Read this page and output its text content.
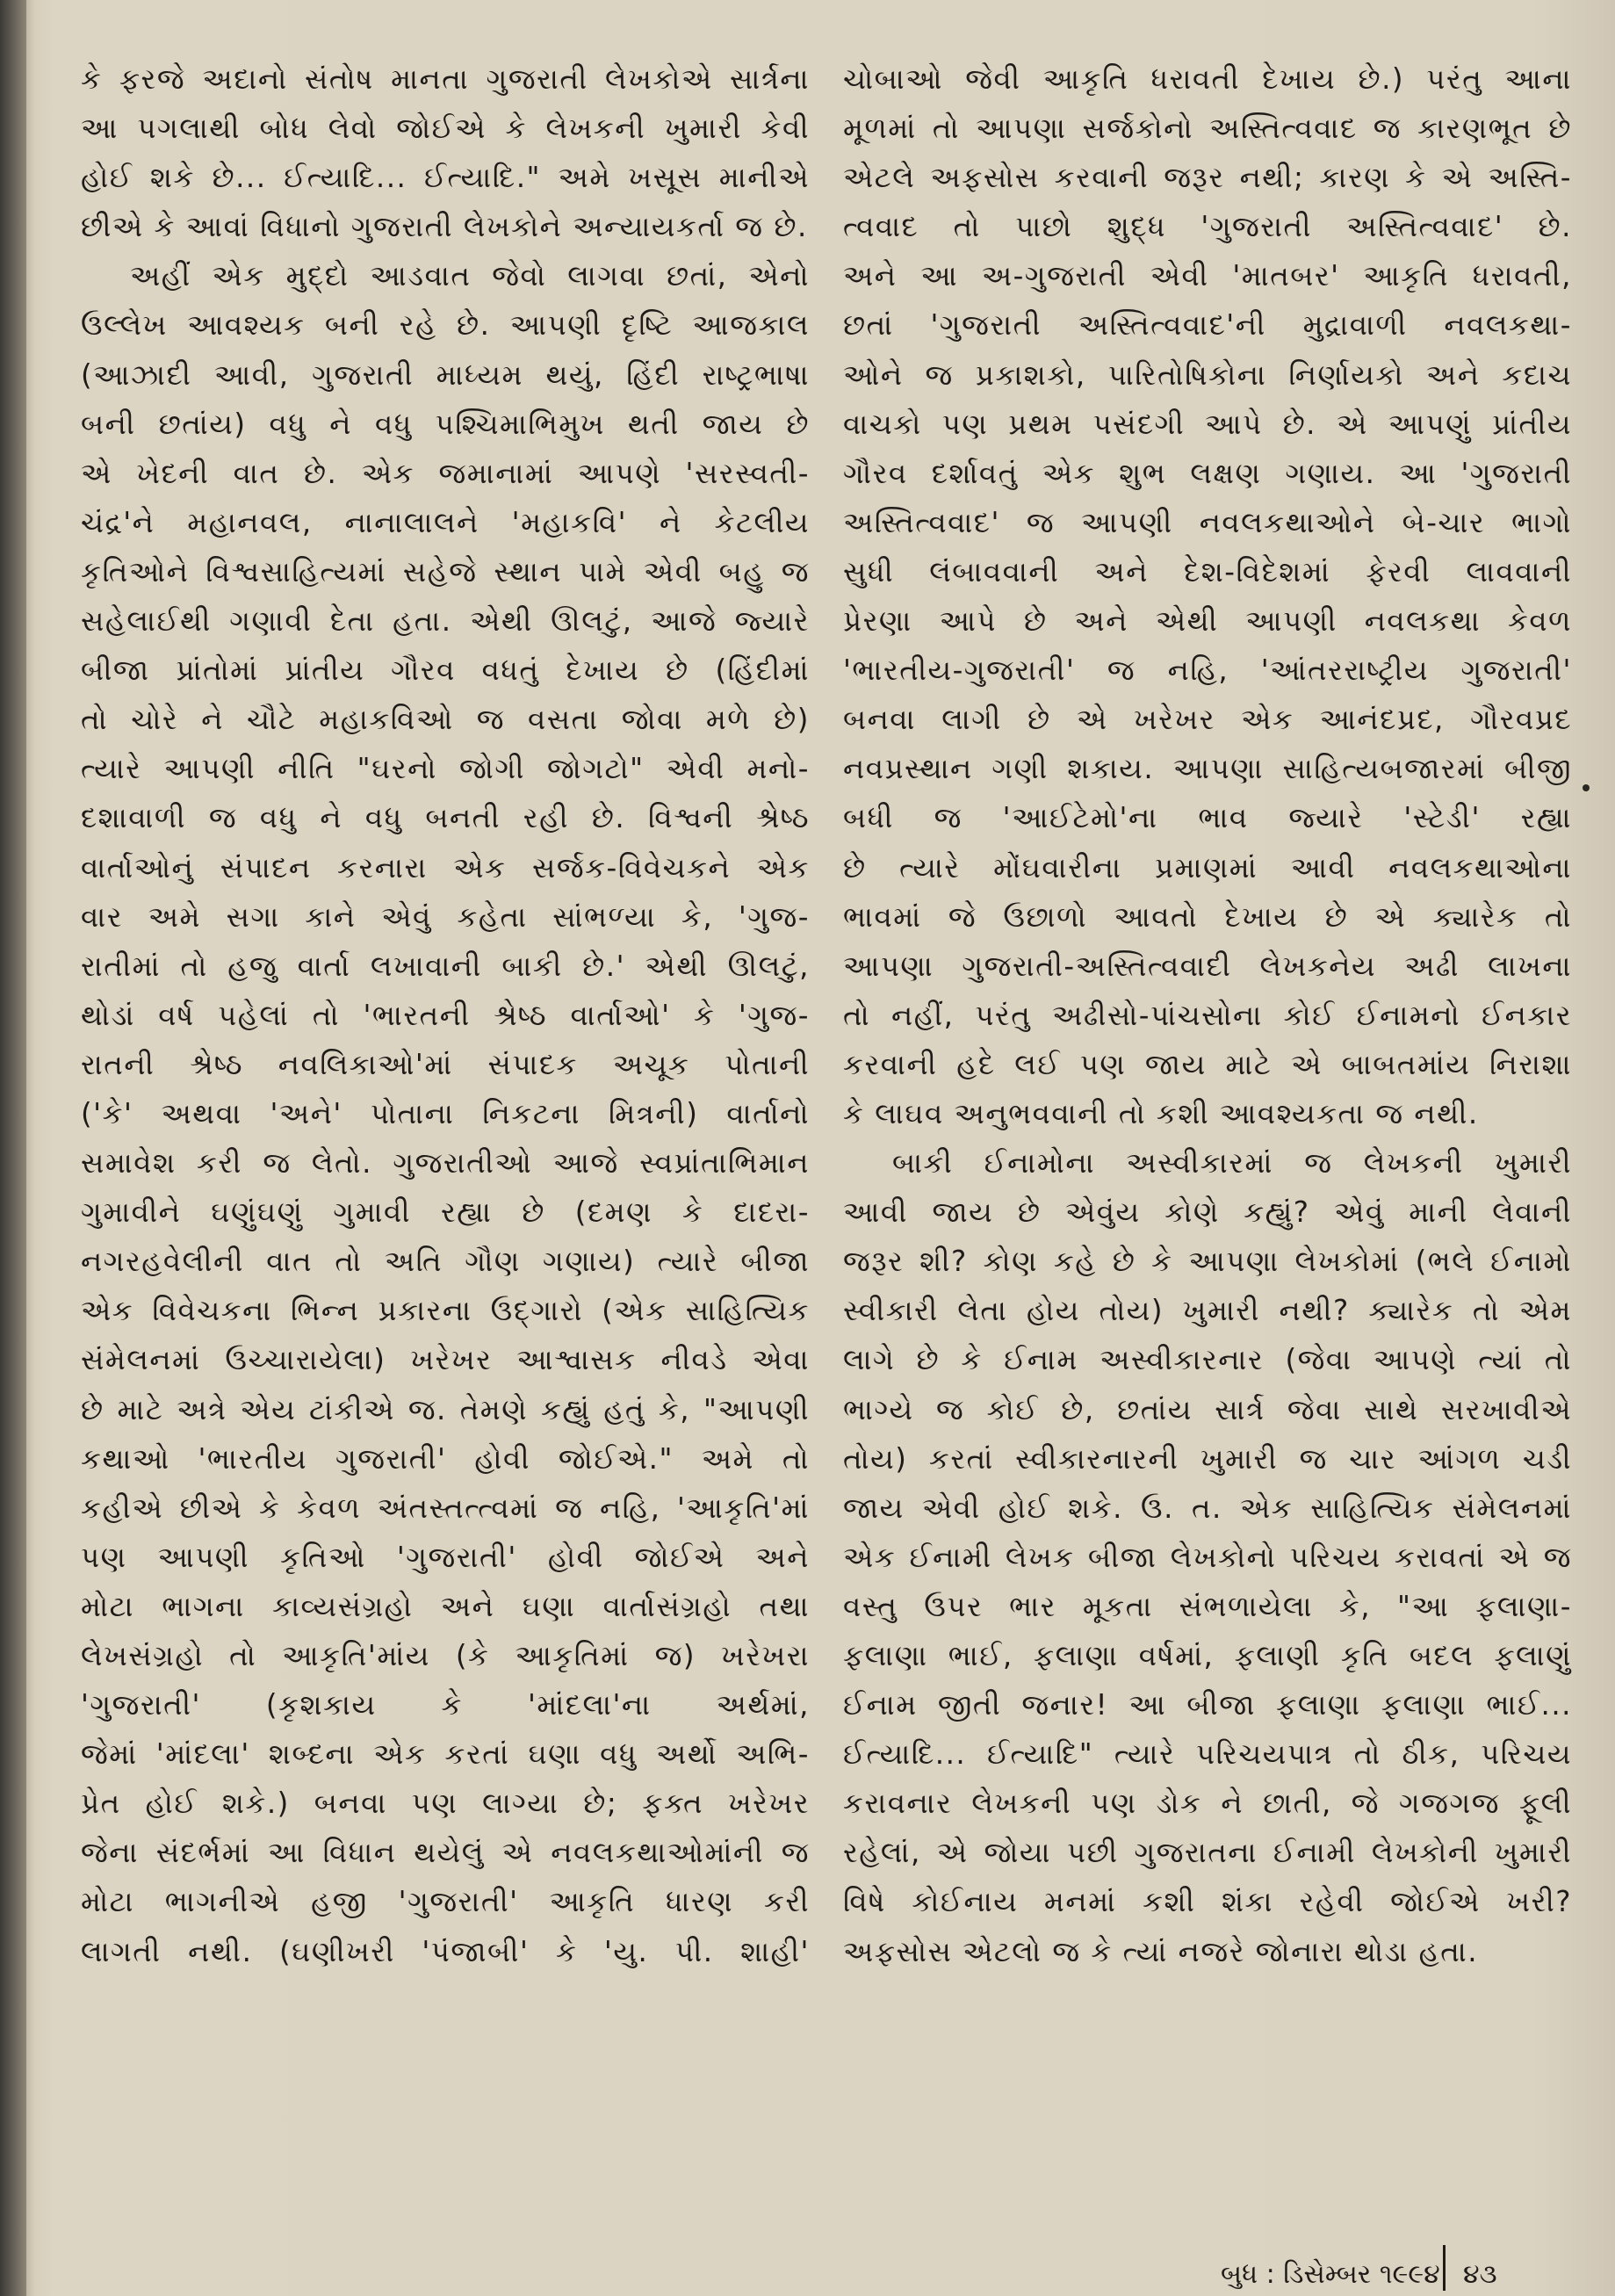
કે ફરજે અદાનો સંતોષ માનતા ગુજરાતી લેખકોએ સાર્ત્રના
આ પગલાથી બોધ લેવો જોઈએ કે લેખકની ખુમારી કેવી
હોઈ શકે છે... ઈત્યાદિ... ઈત્યાદિ." અમે ખસૂસ માનીએ
છીએ કે આવાં વિધાનો ગુજરાતી લેખકોને અન્યાયકર્તા જ છે.
અહીં એક મુદ્દો આડવાત જેવો લાગવા છતાં, એનો
ઉલ્લેખ આવશ્યક બની રહે છે. આપણી દૃષ્ટિ આજકાલ
(આઝાદી આવી, ગુજરાતી માધ્યમ થયું, હિંદી રાષ્ટ્રભાષા
બની છતાંય) વધુ ને વધુ પશ્ચિમાભિમુખ થતી જાય છે
એ ખેદની વાત છે. એક જમાનામાં આપણે 'સરસ્વતી-
ચંદ્ર'ને મહાનવલ, નાનાલાલને 'મહાકવિ' ને કેટલીય
કૃતિઓને વિશ્વસાહિત્યમાં સહેજે સ્થાન પામે એવી બહુ જ
સહેલાઈથી ગણાવી દેતા હતા. એથી ઊલટું, આજે જ્યારે
બીજા પ્રાંતોમાં પ્રાંતીય ગૌરવ વધતું દેખાય છે (હિંદીમાં
તો ચોરે ને ચૌટે મહાકવિઓ જ વસતા જોવા મળે છે)
ત્યારે આપણી નીતિ "ઘરનો જોગી જોગટો" એવી મનો-
દશાવાળી જ વધુ ને વધુ બનતી રહી છે. વિશ્વની શ્રેષ્ઠ
વાર્તાઓનું સંપાદન કરનારા એક સર્જક-વિવેચકને એક
વાર અમે સગા કાને એવું કહેતા સાંભળ્યા કે, 'ગુજ-
રાતીમાં તો હજુ વાર્તા લખાવાની બાકી છે.' એથી ઊલટું,
થોડાં વર્ષ પહેલાં તો 'ભારતની શ્રેષ્ઠ વાર્તાઓ' કે 'ગુજ-
રાતની શ્રેષ્ઠ નવલિકાઓ'માં સંપાદક અચૂક પોતાની
('કે' અથવા 'અને' પોતાના નિકટના મિત્રની) વાર્તાનો
સમાવેશ કરી જ લેતો. ગુજરાતીઓ આજે સ્વપ્રાંતાભિમાન
ગુમાવીને ઘણુંઘણું ગુમાવી રહ્યા છે (દમણ કે દાદરા-
નગરહવેલીની વાત તો અતિ ગૌણ ગણાય) ત્યારે બીજા
એક વિવેચકના ભિન્ન પ્રકારના ઉદ્ગારો (એક સાહિત્યિક
સંમેલનમાં ઉચ્ચારાયેલા) ખરેખર આશ્વાસક નીવડે એવા
છે માટે અત્રે એય ટાંકીએ જ. તેમણે કહ્યું હતું કે, "આપણી
કથાઓ 'ભારતીય ગુજરાતી' હોવી જોઈએ." અમે તો
કહીએ છીએ કે કેવળ અંતસ્તત્ત્વમાં જ નહિ, 'આકૃતિ'માં
પણ આપણી કૃતિઓ 'ગુજરાતી' હોવી જોઈએ અને
મોટા ભાગના કાવ્યસંગ્રહો અને ઘણા વાર્તાસંગ્રહો તથા
લેખસંગ્રહો તો આકૃતિ'માંય (કે આકૃતિમાં જ) ખરેખરા
'ગુજરાતી' (કૃશકાય કે 'માંદલા'ના અર્થમાં,
જેમાં 'માંદલા' શબ્દના એક કરતાં ઘણા વધુ અર્થો અભિ-
પ્રેત હોઈ શકે.) બનવા પણ લાગ્યા છે; ફક્ત ખરેખર
જેના સંદર્ભમાં આ વિધાન થયેલું એ નવલકથાઓમાંની જ
મોટા ભાગનીએ હજી 'ગુજરાતી' આકૃતિ ધારણ કરી
લાગતી નથી. (ઘણીખરી 'પંજાબી' કે 'યુ. પી. શાહી'
ચોબાઓ જેવી આકૃતિ ધરાવતી દેખાય છે.) પરંતુ આના
મૂળમાં તો આપણા સર્જકોનો અસ્તિત્વવાદ જ કારણભૂત છે
એટલે અફસોસ કરવાની જરૂર નથી; કારણ કે એ અસ્તિ-
ત્વવાદ તો પાછો શુદ્ધ 'ગુજરાતી અસ્તિત્વવાદ' છે.
અને આ અ-ગુજરાતી એવી 'માતબર' આકૃતિ ધરાવતી,
છતાં 'ગુજરાતી અસ્તિત્વવાદ'ની મુદ્રાવાળી નવલકથા-
ઓને જ પ્રકાશકો, પારિતોષિકોના નિર્ણાયકો અને કદાચ
વાચકો પણ પ્રથમ પસંદગી આપે છે. એ આપણું પ્રાંતીય
ગૌરવ દર્શાવતું એક શુભ લક્ષણ ગણાય. આ 'ગુજરાતી
અસ્તિત્વવાદ' જ આપણી નવલકથાઓને બે-ચાર ભાગો
સુધી લંબાવવાની અને દેશ-વિદેશમાં ફેરવી લાવવાની
પ્રેરણા આપે છે અને એથી આપણી નવલકથા કેવળ
'ભારતીય-ગુજરાતી' જ નહિ, 'આંતરરાષ્ટ્રીય ગુજરાતી'
બનવા લાગી છે એ ખરેખર એક આનંદપ્રદ, ગૌરવપ્રદ
નવપ્રસ્થાન ગણી શકાય. આપણા સાહિત્યબજારમાં બીજી
બધી જ 'આઈટેમો'ના ભાવ જ્યારે 'સ્ટેડી' રહ્યા
છે ત્યારે મોંઘવારીના પ્રમાણમાં આવી નવલકથાઓના
ભાવમાં જે ઉછાળો આવતો દેખાય છે એ ક્યારેક તો
આપણા ગુજરાતી-અસ્તિત્વવાદી લેખકનેય અઢી લાખના
તો નહીં, પરંતુ અઢીસો-પાંચસોના કોઈ ઈનામનો ઈનકાર
કરવાની હદે લઈ પણ જાય માટે એ બાબતમાંય નિરાશા
કે લાઘવ અનુભવવાની તો કશી આવશ્યકતા જ નથી.
બાકી ઈનામોના અસ્વીકારમાં જ લેખકની ખુમારી
આવી જાય છે એવુંય કોણે કહ્યું? એવું માની લેવાની
જરૂર શી? કોણ કહે છે કે આપણા લેખકોમાં (ભલે ઈનામો
સ્વીકારી લેતા હોય તોય) ખુમારી નથી? ક્યારેક તો એમ
લાગે છે કે ઈનામ અસ્વીકારનાર (જેવા આપણે ત્યાં તો
ભાગ્યે જ કોઈ છે, છતાંય સાર્ત્ર જેવા સાથે સરખાવીએ
તોય) કરતાં સ્વીકારનારની ખુમારી જ ચાર આંગળ ચડી
જાય એવી હોઈ શકે. ઉ. ત. એક સાહિત્યિક સંમેલનમાં
એક ઈનામી લેખક બીજા લેખકોનો પરિચય કરાવતાં એ જ
વસ્તુ ઉપર ભાર મૂકતા સંભળાયેલા કે, "આ ફલાણા-
ફલાણા ભાઈ, ફલાણા વર્ષમાં, ફલાણી કૃતિ બદલ ફલાણું
ઈનામ જીતી જનાર! આ બીજા ફલાણા ફલાણા ભાઈ...
ઈત્યાદિ... ઈત્યાદિ" ત્યારે પરિચયપાત્ર તો ઠીક, પરિચય
કરાવનાર લેખકની પણ ડોક ને છાતી, જે ગજગજ ફૂલી
રહેલાં, એ જોયા પછી ગુજરાતના ઈનામી લેખકોની ખુમારી
વિષે કોઈનાય મનમાં કશી શંકા રહેવી જોઈએ ખરી?
અફસોસ એટલો જ કે ત્યાં નજરે જોનારા થોડા હતા.
બુધ : ડિસેમ્બર ૧૯૯૪ ૪૩
